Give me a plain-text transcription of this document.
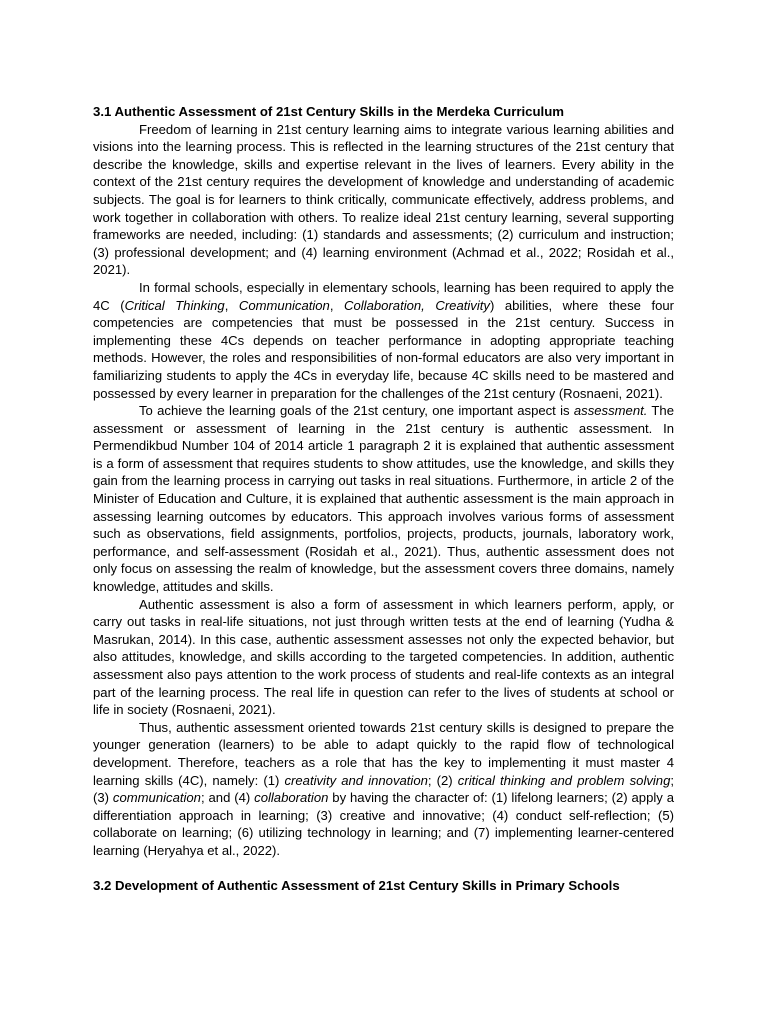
3.1 Authentic Assessment of 21st Century Skills in the Merdeka Curriculum

Freedom of learning in 21st century learning aims to integrate various learning abilities and visions into the learning process. This is reflected in the learning structures of the 21st century that describe the knowledge, skills and expertise relevant in the lives of learners. Every ability in the context of the 21st century requires the development of knowledge and understanding of academic subjects. The goal is for learners to think critically, communicate effectively, address problems, and work together in collaboration with others. To realize ideal 21st century learning, several supporting frameworks are needed, including: (1) standards and assessments; (2) curriculum and instruction; (3) professional development; and (4) learning environment (Achmad et al., 2022; Rosidah et al., 2021).

In formal schools, especially in elementary schools, learning has been required to apply the 4C (Critical Thinking, Communication, Collaboration, Creativity) abilities, where these four competencies are competencies that must be possessed in the 21st century. Success in implementing these 4Cs depends on teacher performance in adopting appropriate teaching methods. However, the roles and responsibilities of non-formal educators are also very important in familiarizing students to apply the 4Cs in everyday life, because 4C skills need to be mastered and possessed by every learner in preparation for the challenges of the 21st century (Rosnaeni, 2021).

To achieve the learning goals of the 21st century, one important aspect is assessment. The assessment or assessment of learning in the 21st century is authentic assessment. In Permendikbud Number 104 of 2014 article 1 paragraph 2 it is explained that authentic assessment is a form of assessment that requires students to show attitudes, use the knowledge, and skills they gain from the learning process in carrying out tasks in real situations. Furthermore, in article 2 of the Minister of Education and Culture, it is explained that authentic assessment is the main approach in assessing learning outcomes by educators. This approach involves various forms of assessment such as observations, field assignments, portfolios, projects, products, journals, laboratory work, performance, and self-assessment (Rosidah et al., 2021). Thus, authentic assessment does not only focus on assessing the realm of knowledge, but the assessment covers three domains, namely knowledge, attitudes and skills.

Authentic assessment is also a form of assessment in which learners perform, apply, or carry out tasks in real-life situations, not just through written tests at the end of learning (Yudha & Masrukan, 2014). In this case, authentic assessment assesses not only the expected behavior, but also attitudes, knowledge, and skills according to the targeted competencies. In addition, authentic assessment also pays attention to the work process of students and real-life contexts as an integral part of the learning process. The real life in question can refer to the lives of students at school or life in society (Rosnaeni, 2021).

Thus, authentic assessment oriented towards 21st century skills is designed to prepare the younger generation (learners) to be able to adapt quickly to the rapid flow of technological development. Therefore, teachers as a role that has the key to implementing it must master 4 learning skills (4C), namely: (1) creativity and innovation; (2) critical thinking and problem solving; (3) communication; and (4) collaboration by having the character of: (1) lifelong learners; (2) apply a differentiation approach in learning; (3) creative and innovative; (4) conduct self-reflection; (5) collaborate on learning; (6) utilizing technology in learning; and (7) implementing learner-centered learning (Heryahya et al., 2022).

3.2 Development of Authentic Assessment of 21st Century Skills in Primary Schools
